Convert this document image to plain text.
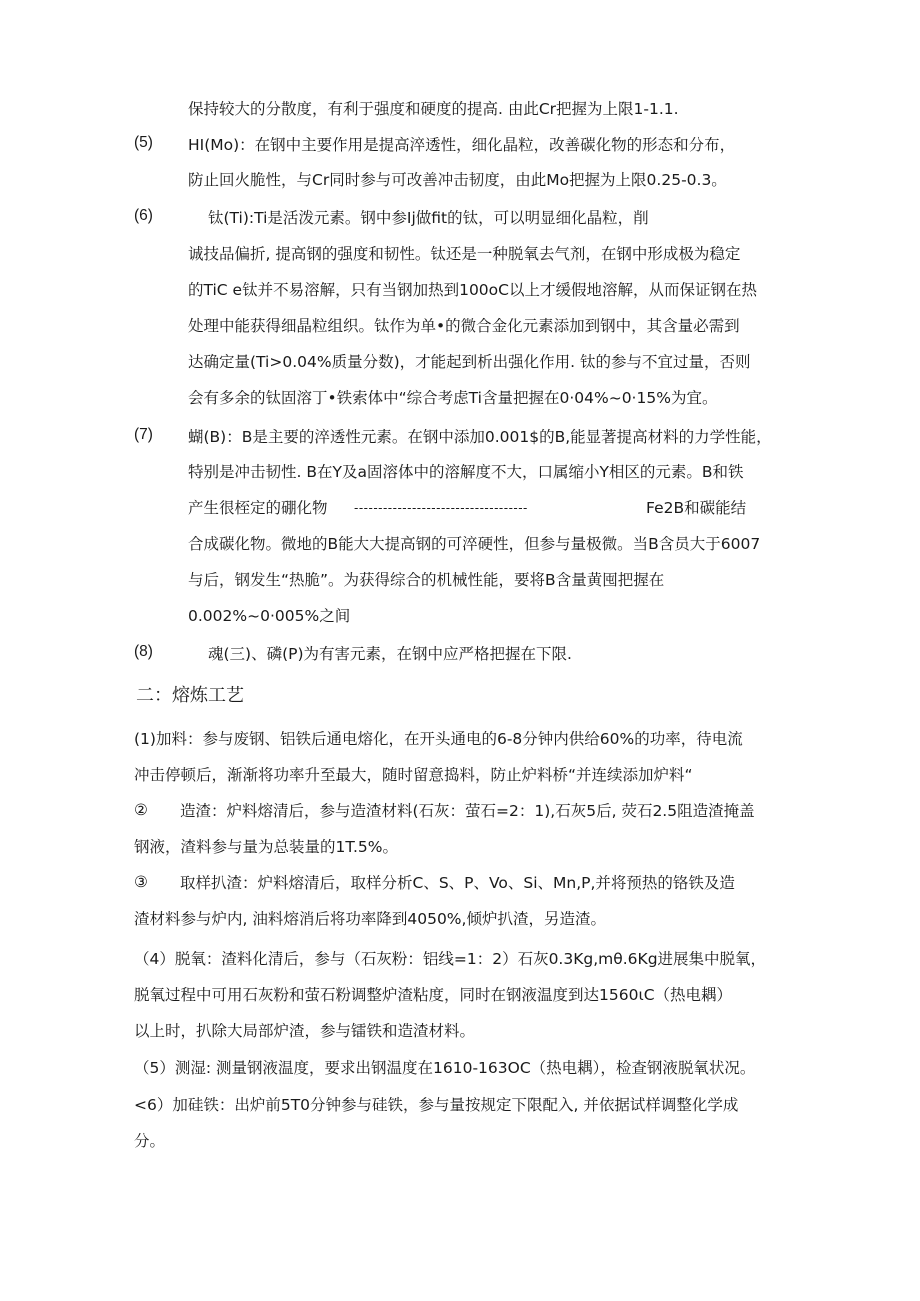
保持较大的分散度，有利于强度和硬度的提高. 由此Cr把握为上限1-1.1.
(5) HI(Mo)：在钢中主要作用是提高淬透性，细化晶粒，改善碳化物的形态和分布，
防止回火脆性，与Cr同时参与可改善冲击韧度，由此Mo把握为上限0.25-0.3。
(6)	钛(Ti):Ti是活泼元素。钢中参Ij做fit的钛，可以明显细化晶粒，削
诚技品偏折, 提高钢的强度和韧性。钛还是一种脱氧去气剂，在钢中形成极为稳定
的TiC e钛并不易溶解，只有当钢加热到100oC以上才缓假地溶解，从而保证钢在热
处理中能获得细晶粒组织。钛作为单•的微合金化元素添加到钢中，其含量必需到
达确定量(Ti>0.04%质量分数)，才能起到析出强化作用. 钛的参与不宜过量，否则
会有多余的钛固溶丁•铁索体中“综合考虑Ti含量把握在0·04%~0·15%为宜。
(7) 蝴(B)：B是主要的淬透性元素。在钢中添加0.001$的B,能显著提高材料的力学性能，
特别是冲击韧性. B在Y及a固溶体中的溶解度不大，口属缩小Y相区的元素。B和铁
产生很桎定的硼化物 ------------------------------------	Fe2B和碳能结
合成碳化物。微地的B能大大提高钢的可淬硬性，但参与量极微。当B含员大于6007
与后，钢发生“热脆”。为获得综合的机械性能，要将B含量黄囤把握在
0.002%~0·005%之间
(8)	魂(三)、磷(P)为有害元素，在钢中应严格把握在下限.
二：熔炼工艺
(1)加料：参与废钢、铝铁后通电熔化，在开头通电的6-8分钟内供给60%的功率，待电流
冲击停顿后，渐渐将功率升至最大，随时留意捣料，防止炉料桥“并连续添加炉料“
② 造渣：炉料熔清后，参与造渣材料(石灰：萤石=2：1),石灰5后, 荧石2.5阻造渣掩盖
钢液，渣料参与量为总装量的1T.5%。
③ 取样扒渣：炉料熔清后，取样分析C、S、P、Vo、Si、Mn,P,并将预热的铬铁及造
渣材料参与炉内, 油料熔消后将功率降到4050%,倾炉扒渣，另造渣。
（4）脱氧：渣料化清后，参与（石灰粉：铝线=1：2）石灰0.3Kg,mθ.6Kg进展集中脱氧，
脱氧过程中可用石灰粉和萤石粉调整炉渣粘度，同时在钢液温度到达1560ιC（热电耦）
以上时，扒除大局部炉渣，参与镭铁和造渣材料。
（5）测湿: 测量钢液温度，要求出钢温度在1610-163OC（热电耦），检查钢液脱氧状况。
<6）加硅铁：出炉前5T0分钟参与硅铁，参与量按规定下限配入, 并依据试样调整化学成
分。
